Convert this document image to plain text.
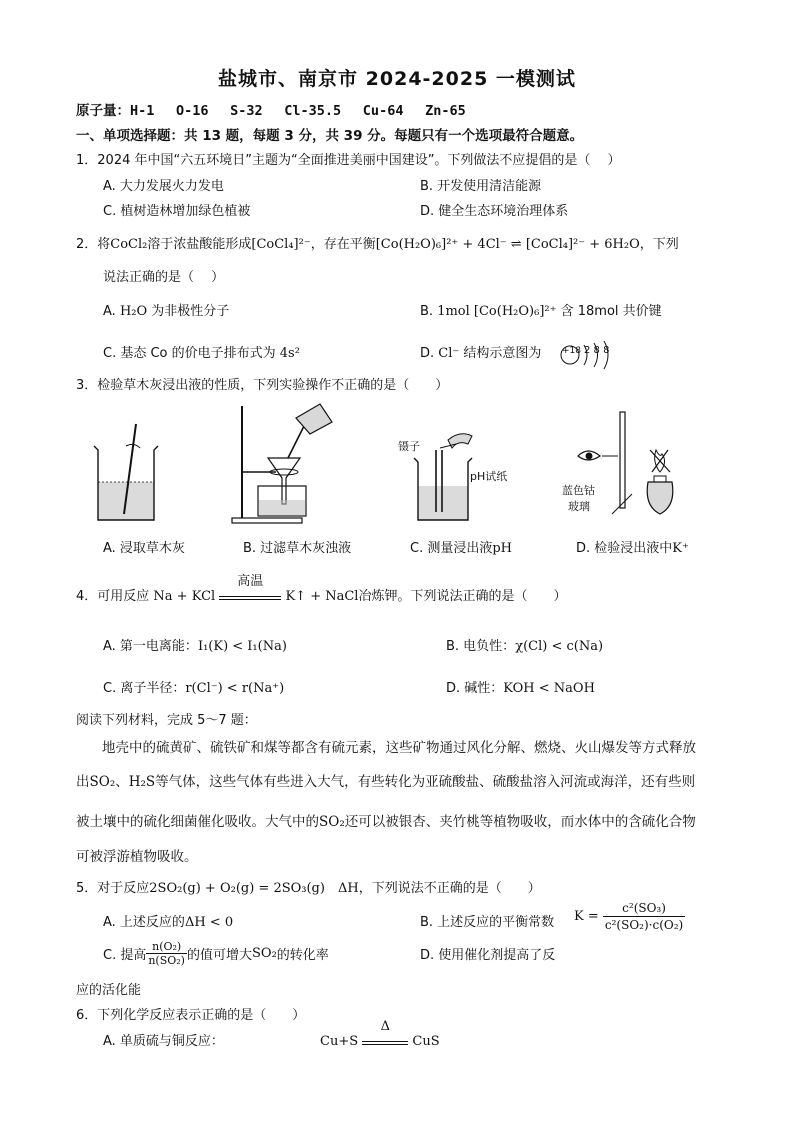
盐城市、南京市 2024-2025 一模测试
原子量：H-1　 O-16　 S-32　 Cl-35.5　 Cu-64　 Zn-65
一、单项选择题：共 13 题，每题 3 分，共 39 分。每题只有一个选项最符合题意。
1．2024 年中国“六五环境日”主题为“全面推进美丽中国建设”。下列做法不应提倡的是（　 ）
A. 大力发展火力发电	B. 开发使用清洁能源
C. 植树造林增加绿色植被	D. 健全生态环境治理体系
2．将CoCl₂溶于浓盐酸能形成[CoCl₄]²⁻，存在平衡[Co(H₂O)₆]²⁺ + 4Cl⁻ ⇌ [CoCl₄]²⁻ + 6H₂O，下列
说法正确的是（　 ）
A. H₂O 为非极性分子	B. 1mol [Co(H₂O)₆]²⁺ 含 18mol 共价键
C. 基态 Co 的价电子排布式为 4s²	D. Cl⁻ 结构示意图为 +18 2 8 8
3．检验草木灰浸出液的性质，下列实验操作不正确的是（　　）
镊子
pH试纸
蓝色钴
玻璃
A. 浸取草木灰	B. 过滤草木灰浊液	C. 测量浸出液pH	D. 检验浸出液中K⁺
4．可用反应 Na + KCl
高温
K↑ + NaCl冶炼钾。下列说法正确的是（　　）
A. 第一电离能：I₁(K) < I₁(Na)	B. 电负性：χ(Cl) < c(Na)
C. 离子半径：r(Cl⁻) < r(Na⁺)	D. 碱性：KOH < NaOH
阅读下列材料，完成 5～7 题：
地壳中的硫黄矿、硫铁矿和煤等都含有硫元素，这些矿物通过风化分解、燃烧、火山爆发等方式释放
出SO₂、H₂S等气体，这些气体有些进入大气，有些转化为亚硫酸盐、硫酸盐溶入河流或海洋，还有些则
被土壤中的硫化细菌催化吸收。大气中的SO₂还可以被银杏、夹竹桃等植物吸收，而水体中的含硫化合物
可被浮游植物吸收。
5．对于反应2SO₂(g) + O₂(g) = 2SO₃(g)　ΔH，下列说法不正确的是（　　）
A. 上述反应的ΔH < 0	B. 上述反应的平衡常数 $K = \frac{\text{c²(SO₃)}}{\text{c²(SO₂)·c(O₂)}}$
C. 提高 $\frac{\text{n(O₂)}}{\text{n(SO₂)}}$ 的值可增大SO₂的转化率	D. 使用催化剂提高了反
应的活化能
6．下列化学反应表示正确的是（　　）
A. 单质硫与铜反应：	Cu+S
Δ
CuS
